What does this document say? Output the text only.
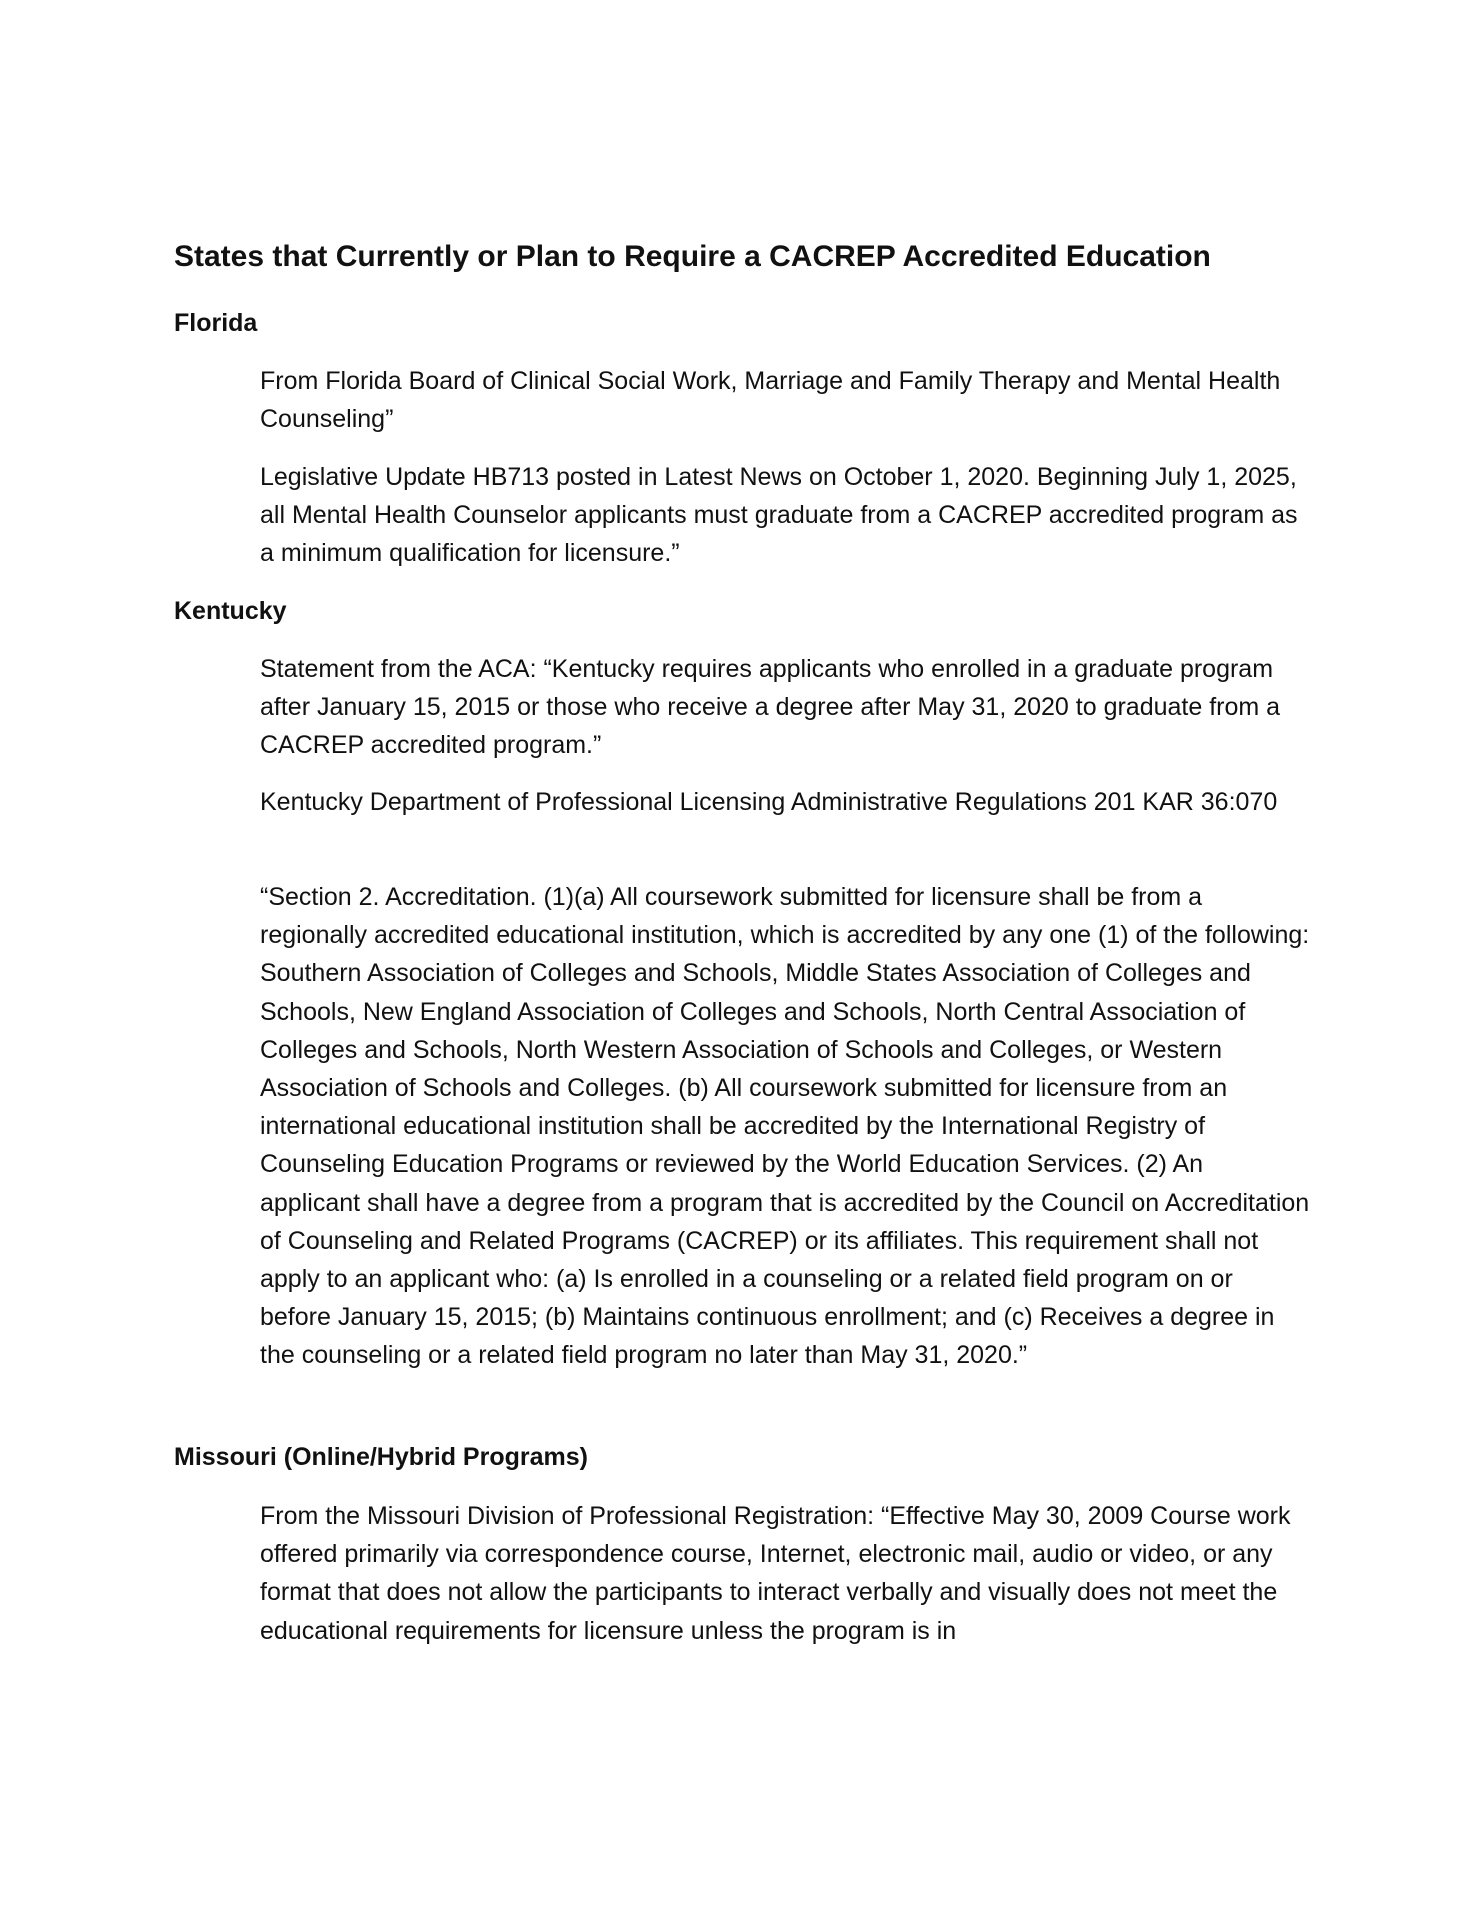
States that Currently or Plan to Require a CACREP Accredited Education
Florida

From Florida Board of Clinical Social Work, Marriage and Family Therapy and Mental Health Counseling”

Legislative Update HB713 posted in Latest News on October 1, 2020. Beginning July 1, 2025, all Mental Health Counselor applicants must graduate from a CACREP accredited program as a minimum qualification for licensure.”

Kentucky

Statement from the ACA: “Kentucky requires applicants who enrolled in a graduate program after January 15, 2015 or those who receive a degree after May 31, 2020 to graduate from a CACREP accredited program.”

Kentucky Department of Professional Licensing Administrative Regulations 201 KAR 36:070

“Section 2. Accreditation. (1)(a) All coursework submitted for licensure shall be from a regionally accredited educational institution, which is accredited by any one (1) of the following: Southern Association of Colleges and Schools, Middle States Association of Colleges and Schools, New England Association of Colleges and Schools, North Central Association of Colleges and Schools, North Western Association of Schools and Colleges, or Western Association of Schools and Colleges. (b) All coursework submitted for licensure from an international educational institution shall be accredited by the International Registry of Counseling Education Programs or reviewed by the World Education Services. (2) An applicant shall have a degree from a program that is accredited by the Council on Accreditation of Counseling and Related Programs (CACREP) or its affiliates. This requirement shall not apply to an applicant who: (a) Is enrolled in a counseling or a related field program on or before January 15, 2015; (b) Maintains continuous enrollment; and (c) Receives a degree in the counseling or a related field program no later than May 31, 2020.”

Missouri (Online/Hybrid Programs)

From the Missouri Division of Professional Registration: “Effective May 30, 2009 Course work offered primarily via correspondence course, Internet, electronic mail, audio or video, or any format that does not allow the participants to interact verbally and visually does not meet the educational requirements for licensure unless the program is in
